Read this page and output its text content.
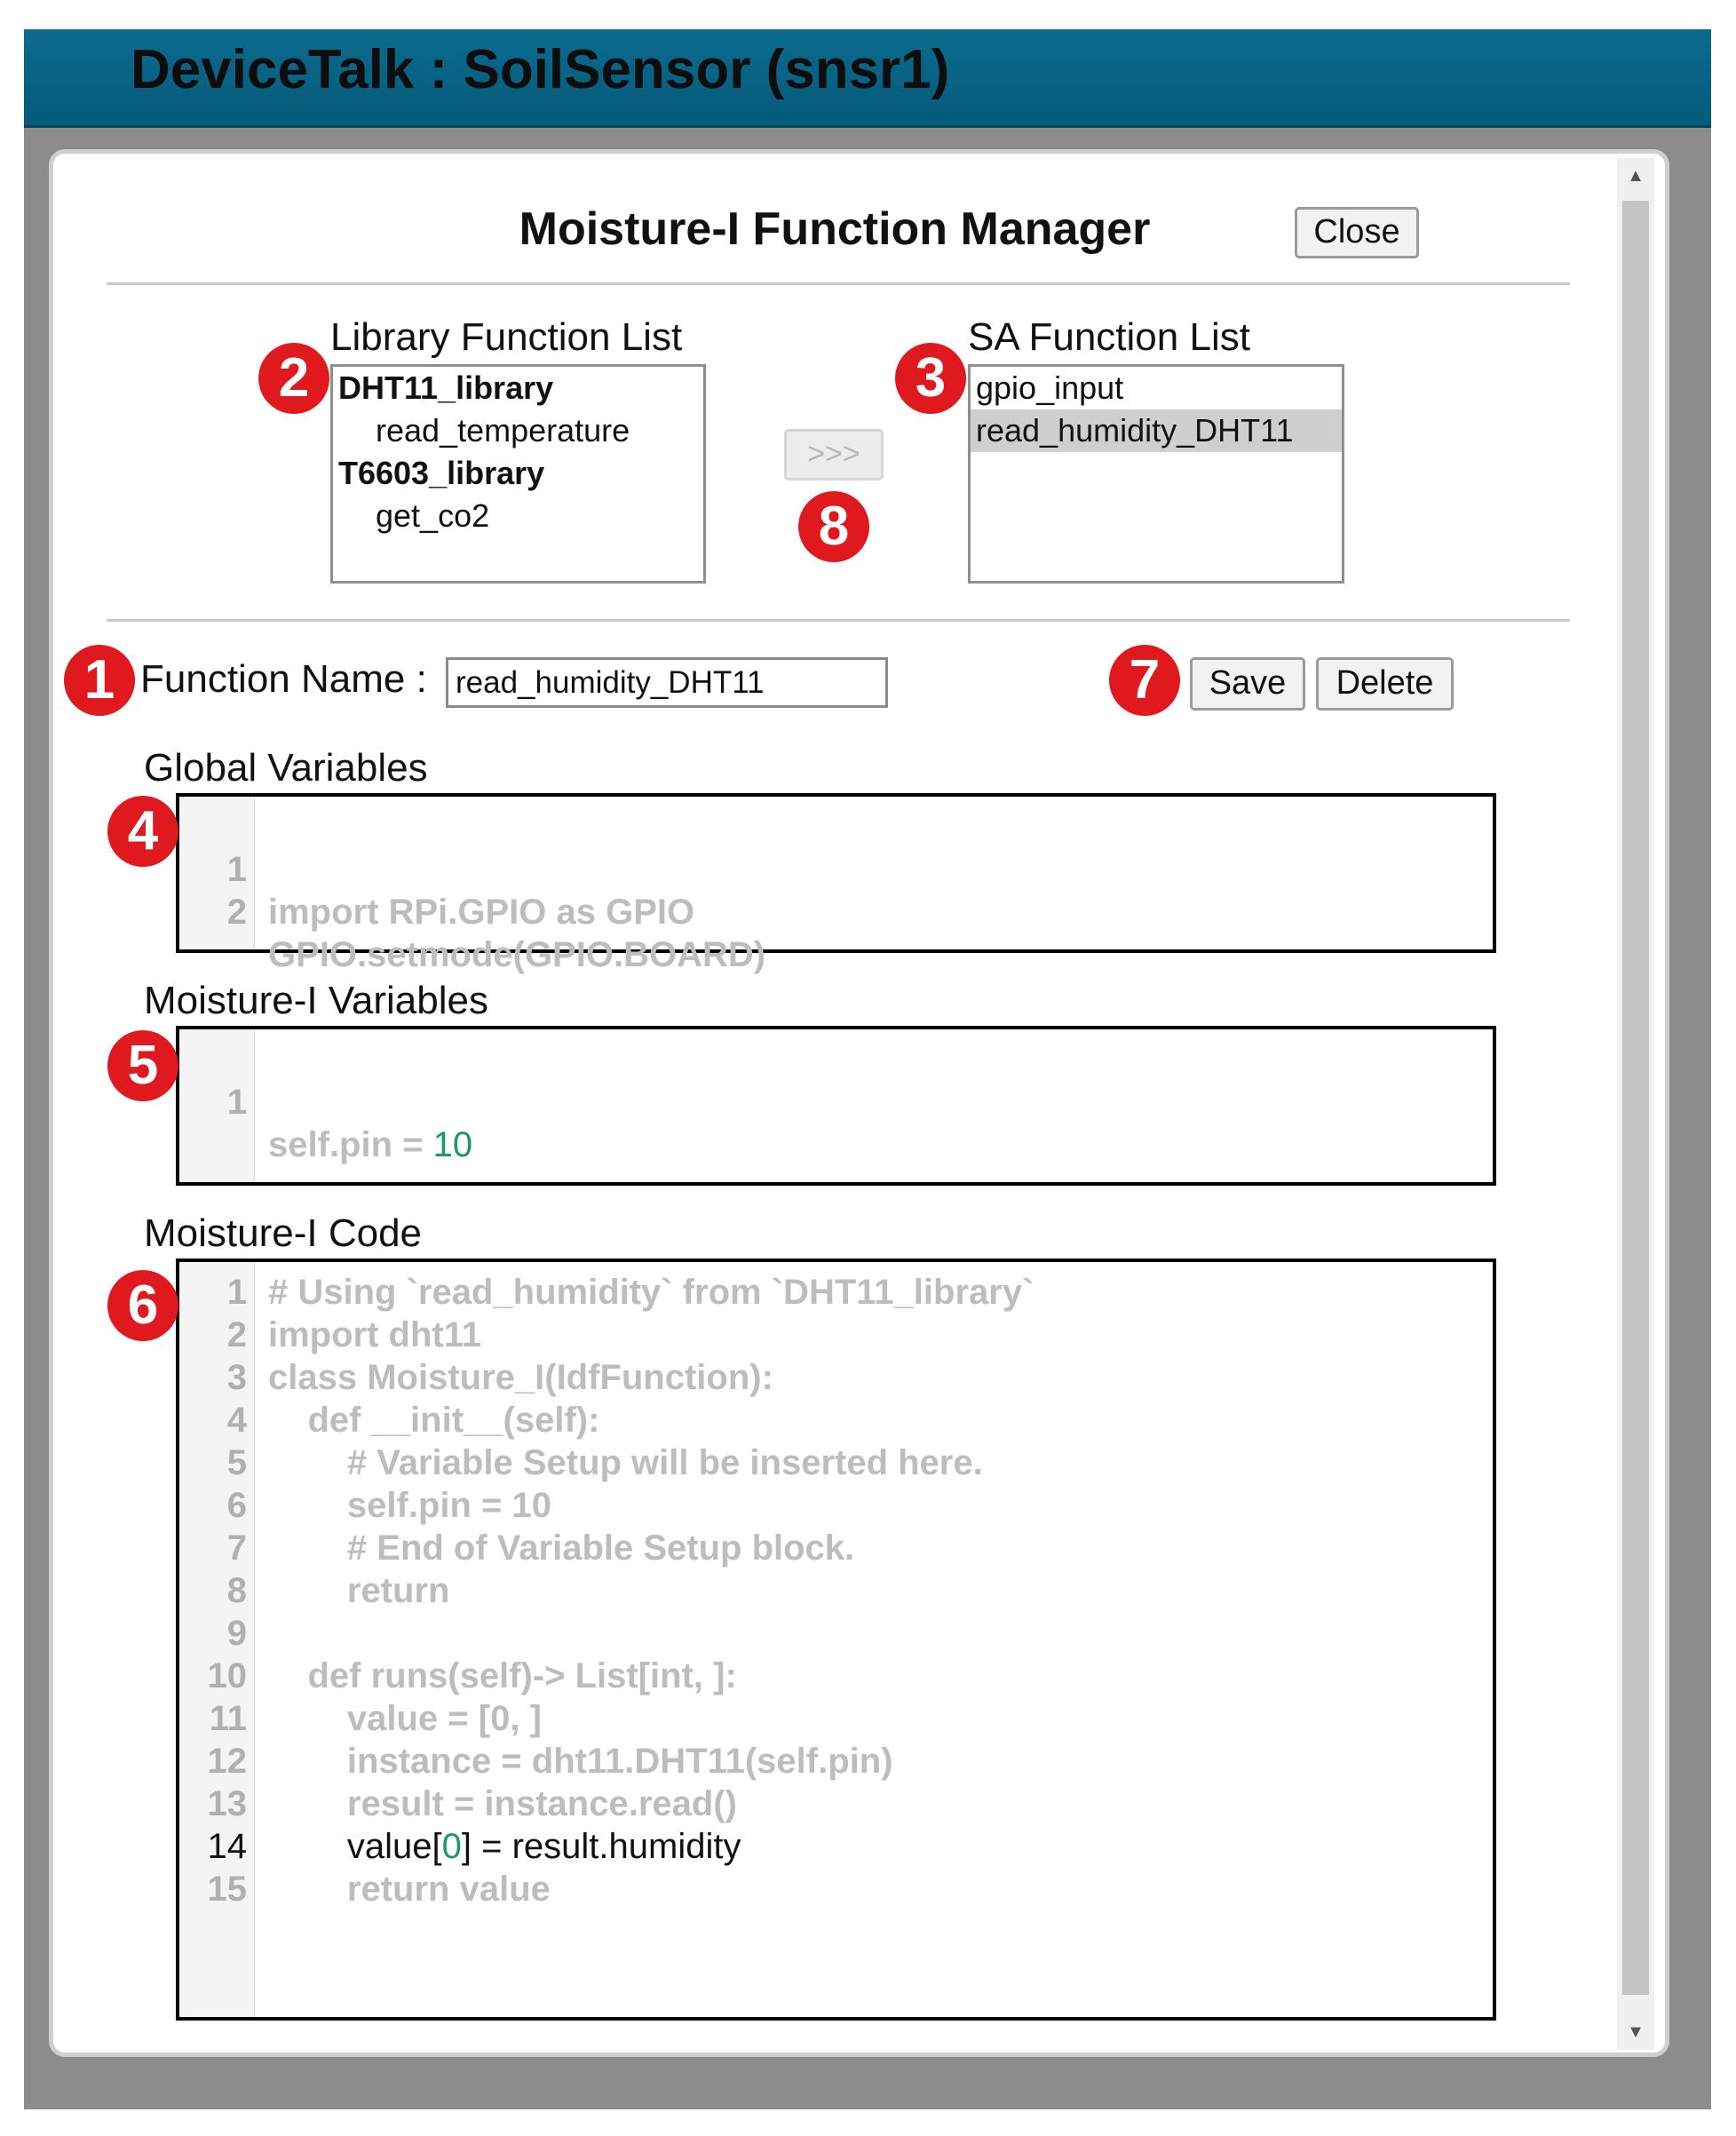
DeviceTalk : SoilSensor (snsr1)
▲
▼
Moisture-I Function Manager	Close
Library Function List
DHT11_library
read_temperature
T6603_library
get_co2
>>>
SA Function List
gpio_input
read_humidity_DHT11
Function Name : read_humidity_DHT11	Save	Delete
Global Variables

1

import RPi.GPIO as GPIO

2

GPIO.setmode(GPIO.BOARD)

Moisture-I Variables

1

self.pin = 10

Moisture-I Code
1 # Using `read_humidity` from `DHT11_library`
2 import dht11
3 class Moisture_I(IdfFunction):
4 def __init__(self):
5 # Variable Setup will be inserted here.
6 self.pin = 10
7 # End of Variable Setup block.
8 return
9
10 def runs(self)-> List[int, ]:
11 value = [0, ]
12 instance = dht11.DHT11(self.pin)
13 result = instance.read()
14 value[0] = result.humidity
15 return value
1
2	3
4
5
6
7
8
